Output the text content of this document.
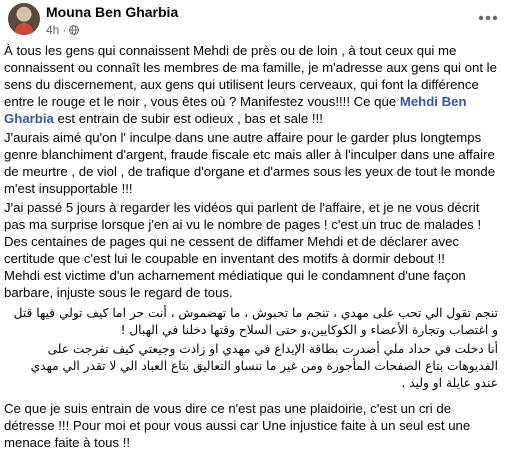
Mouna Ben Gharbia
4h ·

À tous les gens qui connaissent Mehdi de près ou de loin , à tout ceux qui me connaissent ou connaît les membres de ma famille, je m'adresse aux gens qui ont le sens du discernement, aux gens qui utilisent leurs cerveaux, qui font la différence entre le rouge et le noir , vous êtes où ? Manifestez vous!!!! Ce que Mehdi Ben Gharbia est entrain de subir est odieux , bas et sale !!!

J'aurais aimé qu'on l' inculpe dans une autre affaire pour le garder plus longtemps genre blanchiment d'argent, fraude fiscale etc mais aller à l'inculper dans une affaire de meurtre , de viol , de trafique d'organe et d'armes sous les yeux de tout le monde m'est insupportable !!!

J'ai passé 5 jours à regarder les vidéos qui parlent de l'affaire, et je ne vous décrit pas ma surprise lorsque j'en ai vu le nombre de pages ! c'est un truc de malades !

Des centaines de pages qui ne cessent de diffamer Mehdi et de déclarer avec certitude que c'est lui le coupable en inventant des motifs à dormir debout !!

Mehdi est victime d'un acharnement médiatique qui le condamnent d'une façon barbare, injuste sous le regard de tous.

تنجم تقول الي تحب على مهدي ، تنجم ما تحبوش ، ما تهضموش ، أنت حر اما كيف تولي فيها قتل و اغتصاب وتجارة الأعضاء و الكوكايين،و حتى السلاح وقتها دخلنا في الهبال !

أنا دخلت في حداد ملي أصدرت بطاقة الإيداع في مهدي او زادت وجيعتي كيف تفرجت على الفديوهات بتاع الصفحات المأجورة ومن غير ما ننساو التعاليق بتاع العباد الي لا تقدر الي مهدي عندو عايلة او وليد .

Ce que je suis entrain de vous dire ce n'est pas une plaidoirie, c'est un cri de détresse !!! Pour moi et pour vous aussi car Une injustice faite à un seul est une menace faite à tous !!
